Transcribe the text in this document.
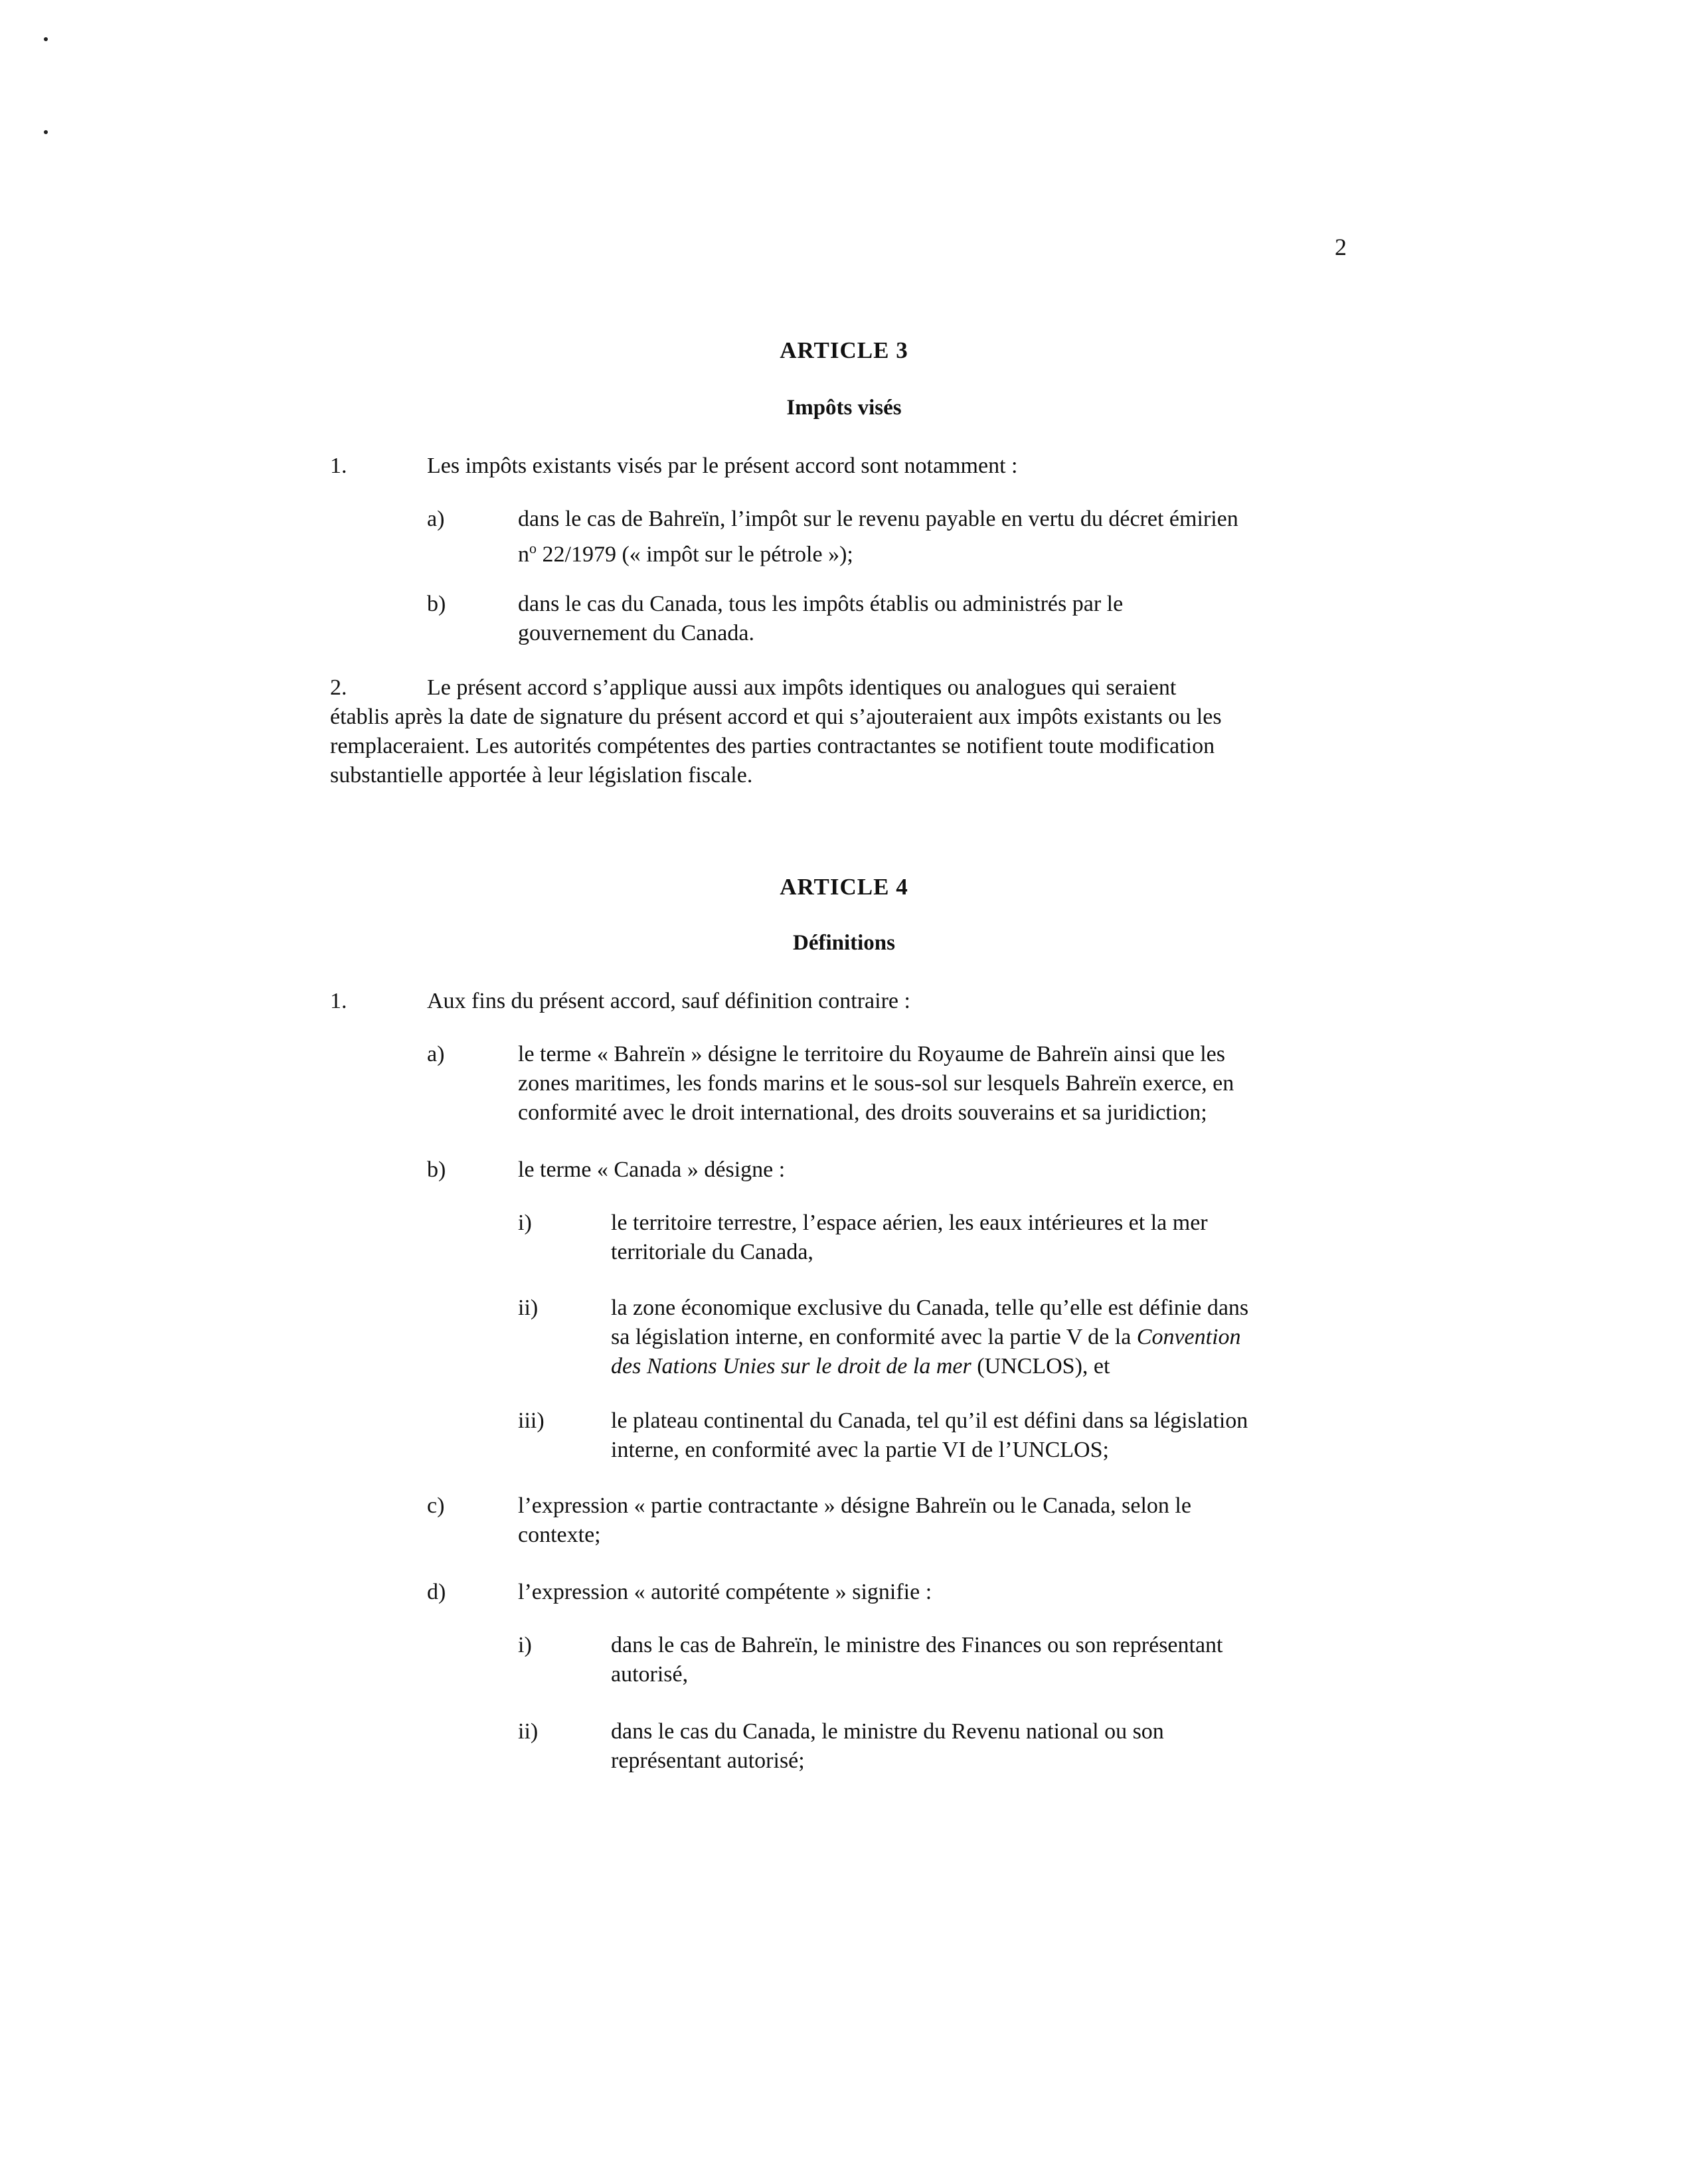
2
ARTICLE 3
Impôts visés
1.	Les impôts existants visés par le présent accord sont notamment :
a)	dans le cas de Bahreïn, l’impôt sur le revenu payable en vertu du décret émirien
$n^o$ 22/1979 (« impôt sur le pétrole »);
b)	dans le cas du Canada, tous les impôts établis ou administrés par le
gouvernement du Canada.
2.	Le présent accord s’applique aussi aux impôts identiques ou analogues qui seraient
établis après la date de signature du présent accord et qui s’ajouteraient aux impôts existants ou les
remplaceraient. Les autorités compétentes des parties contractantes se notifient toute modification
substantielle apportée à leur législation fiscale.
ARTICLE 4
Définitions
1.	Aux fins du présent accord, sauf définition contraire :
a)	le terme « Bahreïn » désigne le territoire du Royaume de Bahreïn ainsi que les
zones maritimes, les fonds marins et le sous-sol sur lesquels Bahreïn exerce, en
conformité avec le droit international, des droits souverains et sa juridiction;
b)	le terme « Canada » désigne :
i)	le territoire terrestre, l’espace aérien, les eaux intérieures et la mer
territoriale du Canada,
ii)	la zone économique exclusive du Canada, telle qu’elle est définie dans
sa législation interne, en conformité avec la partie V de la Convention
des Nations Unies sur le droit de la mer (UNCLOS), et
iii)	le plateau continental du Canada, tel qu’il est défini dans sa législation
interne, en conformité avec la partie VI de l’UNCLOS;
c)	l’expression « partie contractante » désigne Bahreïn ou le Canada, selon le
contexte;
d)	l’expression « autorité compétente » signifie :
i)	dans le cas de Bahreïn, le ministre des Finances ou son représentant
autorisé,
ii)	dans le cas du Canada, le ministre du Revenu national ou son
représentant autorisé;
